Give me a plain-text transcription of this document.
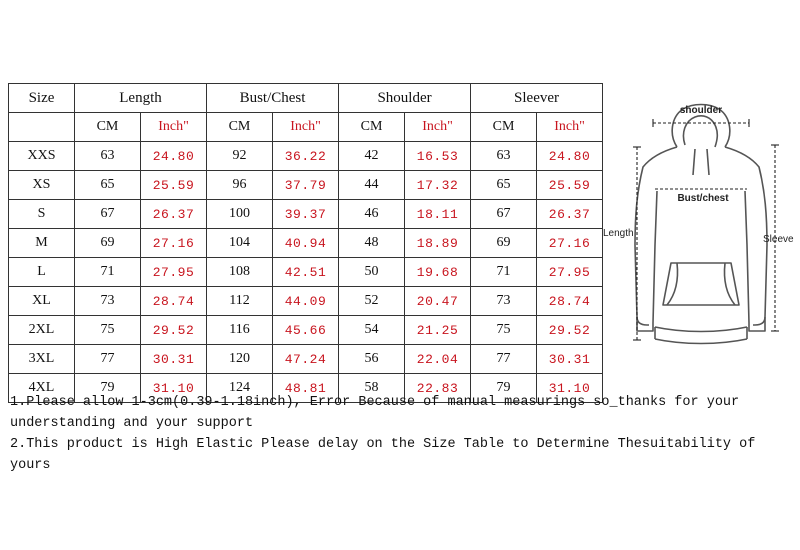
Size	Length		Bust/Chest		Shoulder		Sleever	
	CM	Inch"	CM	Inch"	CM	Inch"	CM	Inch"
XXS	63	24.80	92	36.22	42	16.53	63	24.80
XS	65	25.59	96	37.79	44	17.32	65	25.59
S	67	26.37	100	39.37	46	18.11	67	26.37
M	69	27.16	104	40.94	48	18.89	69	27.16
L	71	27.95	108	42.51	50	19.68	71	27.95
XL	73	28.74	112	44.09	52	20.47	73	28.74
2XL	75	29.52	116	45.66	54	21.25	75	29.52
3XL	77	30.31	120	47.24	56	22.04	77	30.31
4XL	79	31.10	124	48.81	58	22.83	79	31.10
shoulder
Bust/chest
Length
Sleeve

1.Please allow 1-3cm(0.39-1.18inch), Error Because of manual measurings so_thanks for your

understanding and your support

2.This product is High Elastic Please delay on the Size Table to Determine Thesuitability of yours
